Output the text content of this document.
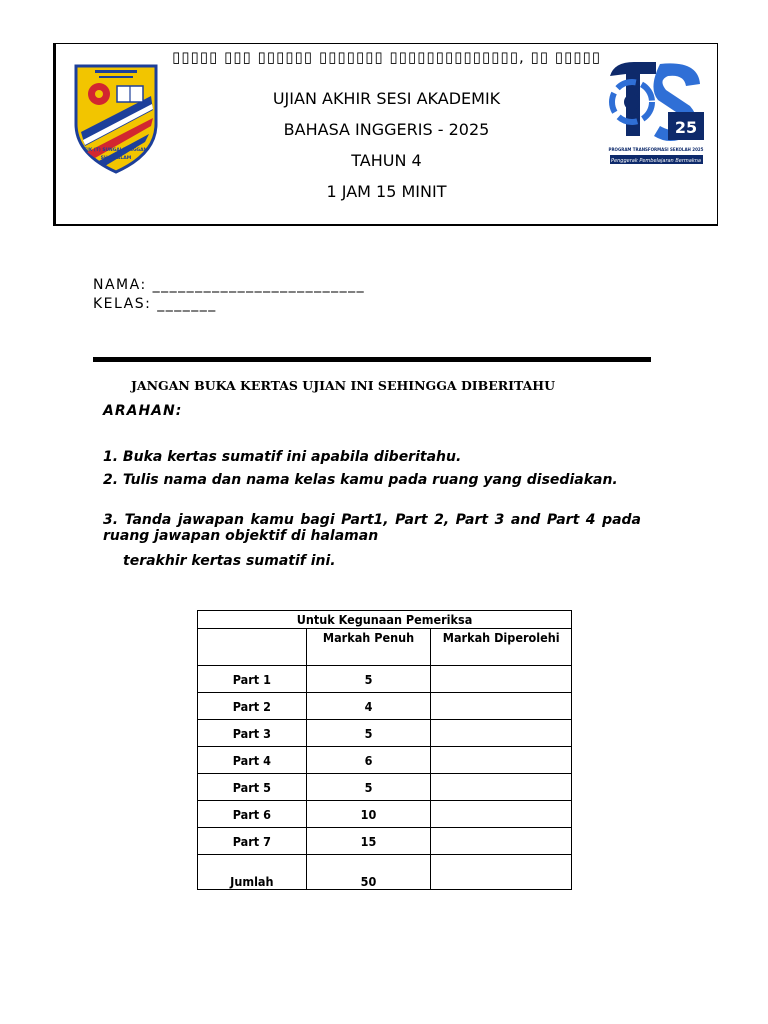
▯▯▯▯▯ ▯▯▯ ▯▯▯▯▯▯ ▯▯▯▯▯▯▯ ▯▯▯▯▯▯▯▯▯▯▯▯▯▯, ▯▯ ▯▯▯▯▯
SJK (T) SUNGAI RENGGAM
SHAN ALAM
UJIAN AKHIR SESI AKADEMIK
BAHASA INGGERIS - 2025
TAHUN 4
1 JAM 15 MINIT
25
PROGRAM TRANSFORMASI SEKOLAH 2025
Penggerak Pembelajaran Bermakna
NAMA: _________________________
KELAS: _______
JANGAN BUKA KERTAS UJIAN INI SEHINGGA DIBERITAHU
ARAHAN:
1. Buka kertas sumatif ini apabila diberitahu.
2. Tulis nama dan nama kelas kamu pada ruang yang disediakan.
3. Tanda jawapan kamu bagi Part1, Part 2, Part 3 and Part 4 pada ruang jawapan objektif di halaman
terakhir kertas sumatif ini.
Untuk Kegunaan Pemeriksa		
	Markah Penuh	Markah Diperolehi
Part 1	5	
Part 2	4	
Part 3	5	
Part 4	6	
Part 5	5	
Part 6	10	
Part 7	15	
Jumlah	50	
